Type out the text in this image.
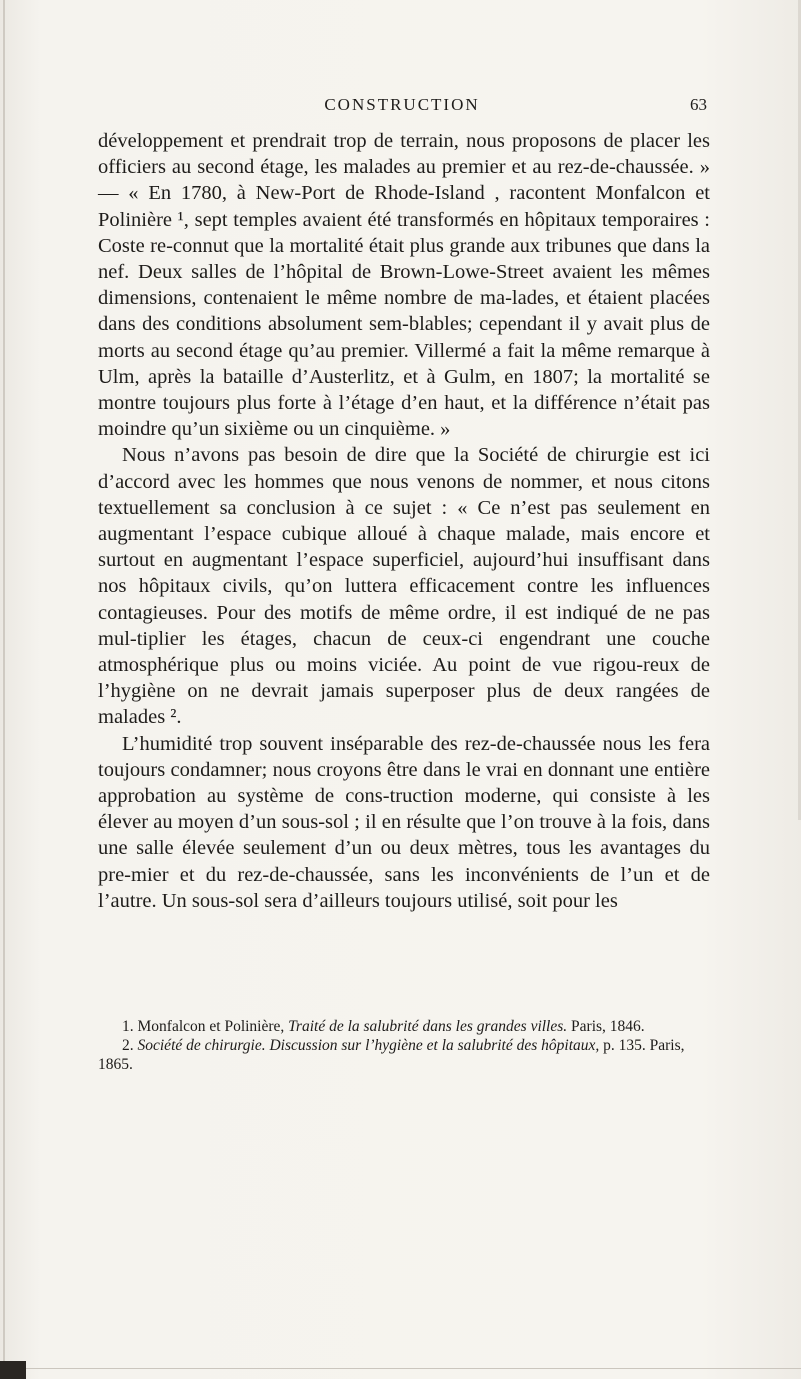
CONSTRUCTION	63

développement et prendrait trop de terrain, nous proposons de placer les officiers au second étage, les malades au premier et au rez-de-chaussée. » — « En 1780, à New-Port de Rhode-Island , racontent Monfalcon et Polinière ¹, sept temples avaient été transformés en hôpitaux temporaires : Coste re-connut que la mortalité était plus grande aux tribunes que dans la nef. Deux salles de l’hôpital de Brown-Lowe-Street avaient les mêmes dimensions, contenaient le même nombre de ma-lades, et étaient placées dans des conditions absolument sem-blables; cependant il y avait plus de morts au second étage qu’au premier. Villermé a fait la même remarque à Ulm, après la bataille d’Austerlitz, et à Gulm, en 1807; la mortalité se montre toujours plus forte à l’étage d’en haut, et la différence n’était pas moindre qu’un sixième ou un cinquième. »

Nous n’avons pas besoin de dire que la Société de chirurgie est ici d’accord avec les hommes que nous venons de nommer, et nous citons textuellement sa conclusion à ce sujet : « Ce n’est pas seulement en augmentant l’espace cubique alloué à chaque malade, mais encore et surtout en augmentant l’espace superficiel, aujourd’hui insuffisant dans nos hôpitaux civils, qu’on luttera efficacement contre les influences contagieuses. Pour des motifs de même ordre, il est indiqué de ne pas mul-tiplier les étages, chacun de ceux-ci engendrant une couche atmosphérique plus ou moins viciée. Au point de vue rigou-reux de l’hygiène on ne devrait jamais superposer plus de deux rangées de malades ².

L’humidité trop souvent inséparable des rez-de-chaussée nous les fera toujours condamner; nous croyons être dans le vrai en donnant une entière approbation au système de cons-truction moderne, qui consiste à les élever au moyen d’un sous-sol ; il en résulte que l’on trouve à la fois, dans une salle élevée seulement d’un ou deux mètres, tous les avantages du pre-mier et du rez-de-chaussée, sans les inconvénients de l’un et de l’autre. Un sous-sol sera d’ailleurs toujours utilisé, soit pour les

1. Monfalcon et Polinière, Traité de la salubrité dans les grandes villes. Paris, 1846.

2. Société de chirurgie. Discussion sur l’hygiène et la salubrité des hôpitaux, p. 135. Paris, 1865.
